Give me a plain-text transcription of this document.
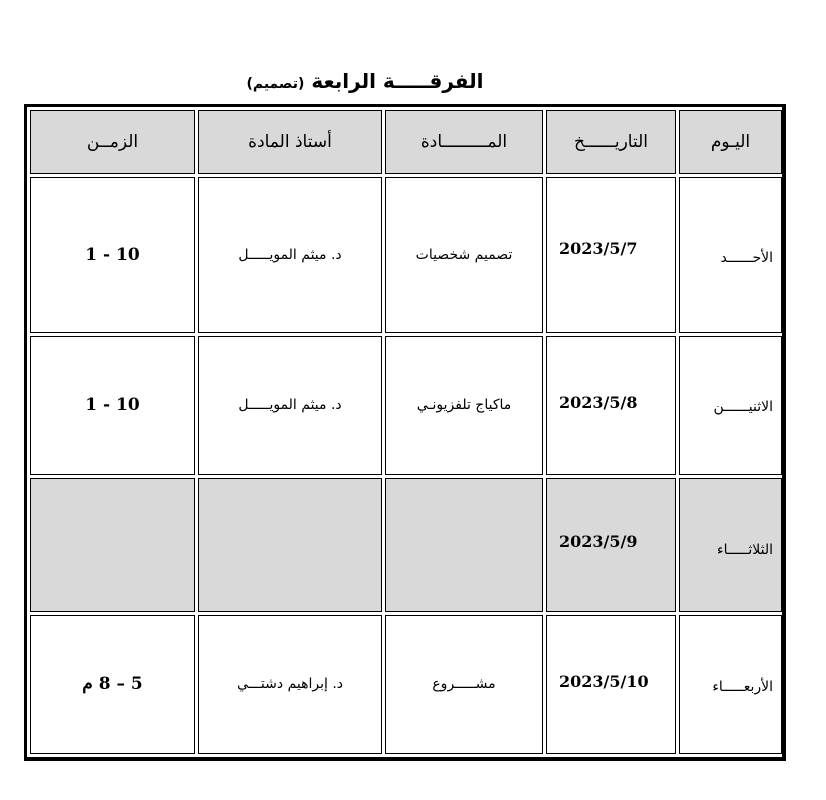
الفرقـــــة الرابعة (تصميم)
الزمــن	أستاذ المادة	المـــــــــادة	التاريــــــخ	اليـوم
10 - 1	د. ميثم المويـــــل	تصميم شخصيات	2023/5/7	الأحــــــد
10 - 1	د. ميثم المويـــــل	ماكياج تلفزيونـي	2023/5/8	الاثنيــــــن
			2023/5/9	الثلاثـــــاء
5 – 8 م	د. إبراهيم دشتـــي	مشـــــروع	2023/5/10	الأربعـــــاء
